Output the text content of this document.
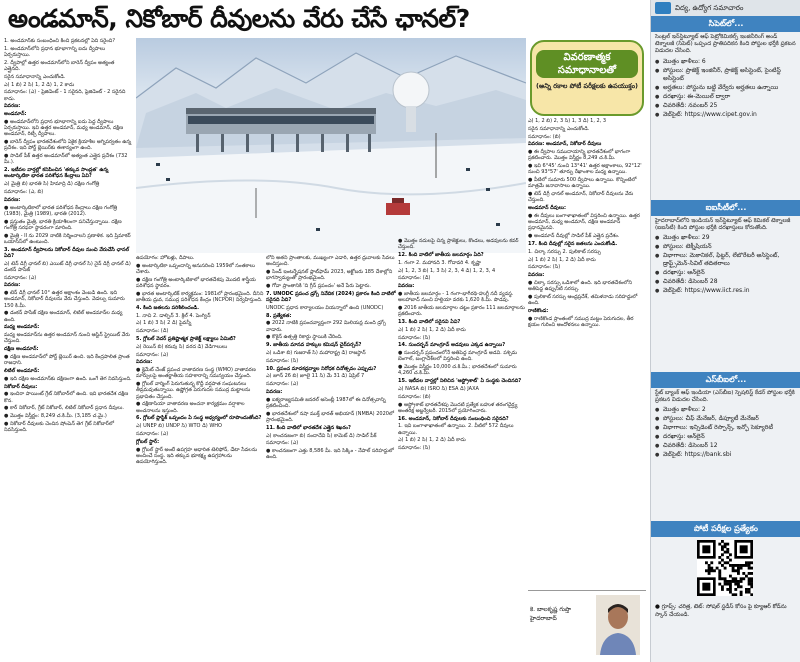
అండమాన్, నికోబార్ దీవులను వేరు చేసే ఛానల్?

1. అండమాన్‌కు సంబంధించి కింది ప్రకటనల్లో ఏది సరైంది?

1. అండమాన్‌లోని ప్రధాన భూభాగాన్ని ఐదు ద్వీపాలు ఏర్పరుస్తాయి.

2. ద్వీపాల్లో ఉత్తర అండమాన్‌లోని బారెన్ ద్వీపం అత్యంత ఎత్తైనది.

సరైన సమాధానాన్ని ఎంచుకోండి.

ఎ) 1 బి) 2 సి) 1, 2 డి) 1, 2 కాదు

సమాధానం: (ఎ) - ఫ్రెజిడెంట్ - 1 సరైనది, ఫ్రెజిడెంట్ - 2 సరైనది కాదు.

వివరణ:

అండమాన్:

● అండమాన్‌లోని ప్రధాన భూభాగాన్ని ఐదు పెద్ద ద్వీపాలు ఏర్పరుస్తాయి. ఇవి ఉత్తర అండమాన్, మధ్య అండమాన్, దక్షిణ అండమాన్, రిట్చీ ద్వీపాలు.

● బారెన్ ద్వీపం భారతదేశంలోని ఏకైక క్రియాశీల అగ్నిపర్వతం ఉన్న ప్రదేశం. ఇది పోర్ట్ బ్లెయిర్‌కు ఈశాన్యంగా ఉంది.

● సాడిల్ పీక్ ఉత్తర అండమాన్‌లో అత్యంత ఎత్తైన ప్రదేశం (732 మీ.).

2. ఇటీవల వార్తల్లో కనిపించిన 'తక్కువ సాంద్రత' ఉన్న అంటార్కిటికా భారత పరిశోధన కేంద్రాలు ఏవి?

ఎ) మైత్రి బి) భారతి సి) హిమాద్రి డి) దక్షిణ గంగోత్రి

సమాధానం: (ఎ, బి)

వివరణ:

● అంటార్కిటికాలో భారత పరిశోధన కేంద్రాలు దక్షిణ గంగోత్రి (1983), మైత్రి (1989), భారతి (2012).

● ప్రస్తుతం మైత్రి, భారతి క్రియాశీలంగా పనిచేస్తున్నాయి. దక్షిణ గంగోత్రి సరఫరా స్థావరంగా మారింది.

● మైత్రి - II ను 2029 నాటికి నిర్మించాలని ప్రణాళిక. ఇది ష్రిమాకర్ ఒయాసిస్‌లో ఉంటుంది.

3. అండమాన్ ద్వీపాలను నికోబార్ దీవుల నుంచి వేరుచేసే ఛానల్ ఏది?

ఎ) టెన్ డిగ్రీ ఛానల్ బి) ఎయిట్ డిగ్రీ ఛానల్ సి) నైన్ డిగ్రీ ఛానల్ డి) డంకన్ పాసేజ్

సమాధానం: (ఎ)

వివరణ:

● టెన్ డిగ్రీ ఛానల్ 10° ఉత్తర అక్షాంశం వెంబడి ఉంది. ఇది అండమాన్, నికోబార్ దీవులను వేరు చేస్తుంది. వెడల్పు సుమారు 150 కి.మీ.

● డంకన్ పాసేజ్ దక్షిణ అండమాన్, లిటిల్ అండమాన్‌ల మధ్య ఉంది.

మధ్య అండమాన్:

మధ్య అండమాన్‌ను ఉత్తర అండమాన్ నుంచి ఆస్టిన్ స్ట్రెయిట్ వేరు చేస్తుంది.

దక్షిణ అండమాన్:

● దక్షిణ అండమాన్‌లో పోర్ట్ బ్లెయిర్ ఉంది. ఇది కేంద్రపాలిత ప్రాంత రాజధాని.

లిటిల్ అండమాన్:

● ఇది దక్షిణ అండమాన్‌కు దక్షిణంగా ఉంది. ఒంగే తెగ నివసిస్తుంది.

నికోబార్ దీవులు:

● ఇందిరా పాయింట్ గ్రేట్ నికోబార్‌లో ఉంది. ఇది భారతదేశ దక్షిణ కొన.

● కార్ నికోబార్, గ్రేట్ నికోబార్, లిటిల్ నికోబార్ ప్రధాన దీవులు.

● మొత్తం విస్తీర్ణం: 8,249 చ.కి.మీ. (3,185 చ.మై.)

● నికోబార్ దీవులకు చెందిన షోంపెన్ తెగ గ్రేట్ నికోబార్‌లో నివసిస్తుంది.

వివరణాత్మక సమాధానాలతో
(అన్ని రకాల పోటీ పరీక్షలకు ఉపయుక్తం)

ఉపయోగం: హోటళ్లు, దీపాలు.

● అంటార్కిటికా ఒప్పందాన్ని అనుసరించి 1959లో సంతకాలు చేశారు.

● దక్షిణ గంగోత్రి అంటార్కిటికాలో భారతదేశపు మొదటి శాస్త్రీయ పరిశోధన స్థావరం.

● భారత అంటార్కిటిక్ కార్యక్రమం: 1981లో ప్రారంభమైంది. దీనిని జాతీయ ధ్రువ, సముద్ర పరిశోధన కేంద్రం (NCPOR) నిర్వహిస్తుంది.

4. కింది జతలను పరిశీలించండి.

1. నాచి 2. డాల్ఫిన్ 3. క్రిల్ 4. పెంగ్విన్

ఎ) 1 బి) 3 సి) 2 డి) పైవన్నీ

సమాధానం: (డి)

5. గ్లోబల్ వెదర్ ప్రతిష్టాత్మక ప్రాజెక్ట్ లక్ష్యాలు ఏమిటి?

ఎ) రెయిన్ బి) కరువు సి) వరద డి) వేడిగాలులు

సమాధానం: (ఎ)

వివరణ:

● క్లైమేట్ చేంజ్ ప్రపంచ వాతావరణ సంస్థ (WMO) వాతావరణ మార్పులపై అంతర్జాతీయ సహకారాన్ని సమన్వయం చేస్తుంది.

● గ్లోబల్ వార్మింగ్ పెరుగుతున్న కొద్దీ వర్షపాత సంఘటనలు తీవ్రమవుతున్నాయి. ఉష్ణోగ్రత పెరుగుదల సముద్ర మట్టాలను ప్రభావితం చేస్తుంది.

● దక్షిణాసియా వాతావరణ అంచనా కార్యక్రమం వర్షాకాల అంచనాలను ఇస్తుంది.

6. గ్లోబల్ ప్లాస్టిక్ ఒప్పందం ఏ సంస్థ ఆధ్వర్యంలో రూపొందుతోంది?

ఎ) UNEP బి) UNDP సి) WTO డి) WHO

సమాధానం: (ఎ)

గ్లోబల్ స్టార్:

● గ్లోబల్ స్టార్ అంటే ఉపగ్రహ ఆధారిత టెలిఫోన్, డేటా సేవలను అందించే సంస్థ. ఇది తక్కువ భూకక్ష్య ఉపగ్రహాలను ఉపయోగిస్తుంది.

లోని అతని ప్రాంతాలకు, ముఖ్యంగా ఎడారి, ఉత్తర ధ్రువాలకు సేవలు అందిస్తుంది.

● సిండ్ ఇంటర్నేషనల్ ప్లాట్‌ఫామ్ 2023, అక్టోబరు 185 దేశాల్లోని భాగస్వామ్యంతో ప్రారంభమైంది.

● గోవా ప్రాంతానికి 'ది గ్రీన్ ప్రపంచం' అనే పేరు పెట్టారు.

7. UNODC ప్రపంచ డ్రగ్స్ నివేదిక (2024) ప్రకారం కింది వాటిలో సరైనది ఏది?

UNODC ప్రధాన కార్యాలయం వియన్నాలో ఉంది (UNODC)

8. ప్రత్యేకత:

● 2022 నాటికి ప్రపంచవ్యాప్తంగా 292 మిలియన్ల మంది డ్రగ్స్ వాడారు.

● కొకైన్ ఉత్పత్తి రికార్డు స్థాయికి చేరింది.

9. జాతీయ మానవ హక్కుల కమిషన్ చైర్‌పర్సన్?

ఎ) ఒడిశా బి) గుజరాత్ సి) మహారాష్ట్ర డి) రాజస్థాన్

సమాధానం: (సి)

10. ప్రపంచ మాదకద్రవ్యాల నిరోధక దినోత్సవం ఎప్పుడు?

ఎ) జూన్ 26 బి) జూలై 11 సి) మే 31 డి) ఏప్రిల్ 7

సమాధానం: (ఎ)

వివరణ:

● ఐక్యరాజ్యసమితి జనరల్ అసెంబ్లీ 1987లో ఈ దినోత్సవాన్ని ప్రకటించింది.

● భారతదేశంలో నషా ముక్త్ భారత్ అభియాన్ (NMBA) 2020లో ప్రారంభమైంది.

11. కింది వాటిలో భారతదేశ ఎత్తైన శిఖరం?

ఎ) కాంచనజంగా బి) నందాదేవి సి) కామెట్ డి) సాడిల్ పీక్

సమాధానం: (ఎ)

● కాంచనజంగా ఎత్తు 8,586 మీ. ఇది సిక్కిం - నేపాల్ సరిహద్దులో ఉంది.

● మొత్తం నదులపై చిన్న ప్రాజెక్టులు, కొండలు, అడవులను కవర్ చేస్తుంది.

12. కింది వాటిలో జాతీయ జలమార్గం ఏది?

1. గంగా 2. మహానది 3. గోదావరి 4. కృష్ణా

ఎ) 1, 2, 3 బి) 1, 3 సి) 2, 3, 4 డి) 1, 2, 3, 4

సమాధానం: (డి)

వివరణ:

● జాతీయ జలమార్గం - 1 గంగా-భాగీరథి-హుగ్లీ నదీ వ్యవస్థ. అలహాబాద్ నుంచి హల్దియా వరకు 1,620 కి.మీ. పొడవు.

● 2016 జాతీయ జలమార్గాల చట్టం ప్రకారం 111 జలమార్గాలను ప్రకటించారు.

13. కింది వాటిలో సరైనవి ఏవి?

ఎ) 1 బి) 2 సి) 1, 2 డి) ఏదీ కాదు

సమాధానం: (సి)

14. సుందర్బన్ మాంగ్రూవ్ అడవులు ఎక్కడ ఉన్నాయి?

● సుందర్బన్ ప్రపంచంలోనే అతిపెద్ద మాంగ్రూవ్ అడవి. పశ్చిమ బెంగాల్, బంగ్లాదేశ్‌లలో విస్తరించి ఉంది.

● మొత్తం విస్తీర్ణం 10,000 చ.కి.మీ.; భారతదేశంలో సుమారు 4,260 చ.కి.మీ.

15. ఇటీవల వార్తల్లో నిలిచిన 'ఆస్ట్రోశాట్' ఏ సంస్థకు చెందినది?

ఎ) NASA బి) ISRO సి) ESA డి) JAXA

సమాధానం: (బి)

● ఆస్ట్రోశాట్ భారతదేశపు మొదటి ప్రత్యేక బహుళ తరంగదైర్ఘ్య అంతరిక్ష అబ్జర్వేటరీ. 2015లో ప్రయోగించారు.

16. అండమాన్, నికోబార్ దీవులకు సంబంధించి సరైనది?

1. ఇవి బంగాళాఖాతంలో ఉన్నాయి. 2. వీటిలో 572 దీవులు ఉన్నాయి.

ఎ) 1 బి) 2 సి) 1, 2 డి) ఏదీ కాదు

సమాధానం: (సి)

ఎ) 1, 2 బి) 2, 3 సి) 1, 3 డి) 1, 2, 3

సరైన సమాధానాన్ని ఎంచుకోండి.

సమాధానం: (బి)

వివరణ: అండమాన్, నికోబార్ దీవులు

● ఈ ద్వీపాల సముదాయాన్ని భారతదేశంలో భాగంగా ప్రకటించారు. మొత్తం విస్తీర్ణం 8,249 చ.కి.మీ.

● ఇవి 6°45' నుంచి 13°41' ఉత్తర అక్షాంశాలు, 92°12' నుంచి 93°57' తూర్పు రేఖాంశాల మధ్య ఉన్నాయి.

● వీటిలో సుమారు 500 ద్వీపాలు ఉన్నాయి. కొన్నింటిలో మాత్రమే జనావాసాలు ఉన్నాయి.

● టెన్ డిగ్రీ ఛానల్ అండమాన్, నికోబార్ దీవులను వేరు చేస్తుంది.

అండమాన్ దీవులు:

● ఈ దీవులు బంగాళాఖాతంలో విస్తరించి ఉన్నాయి. ఉత్తర అండమాన్, మధ్య అండమాన్, దక్షిణ అండమాన్ ప్రధానమైనవి.

● అండమాన్ దీవుల్లో సాడిల్ పీక్ ఎత్తైన ప్రదేశం.

17. కింది దీవుల్లో సరైన జతలను ఎంచుకోండి.

1. చిల్కా సరస్సు 2. పులికాట్ సరస్సు

ఎ) 1 బి) 2 సి) 1, 2 డి) ఏదీ కాదు

సమాధానం: (సి)

వివరణ:

● చిల్కా సరస్సు ఒడిశాలో ఉంది. ఇది భారతదేశంలోని అతిపెద్ద ఉప్పునీటి సరస్సు.

● పులికాట్ సరస్సు ఆంధ్రప్రదేశ్, తమిళనాడు సరిహద్దులో ఉంది.

రాణికొండ:

● రాణికొండ ప్రాంతంలో సముద్ర మట్టం పెరుగుదల, తీర క్షయం గురించి ఆందోళనలు ఉన్నాయి.

కె. బాలకృష్ణ గుప్తా
హైదరాబాద్
విద్య, ఉద్యోగ సమాచారం
సిపెట్‌లో...
సెంట్రల్ ఇన్‌స్టిట్యూట్ ఆఫ్ పెట్రోకెమికల్స్ ఇంజినీరింగ్ అండ్ టెక్నాలజీ (సిపెట్) ఒప్పంద ప్రాతిపదికన కింది పోస్టుల భర్తీకి ప్రకటన విడుదల చేసింది.
● మొత్తం ఖాళీలు: 6
● పోస్టులు: ప్రాజెక్ట్ ఇంజినీర్, ప్రాజెక్ట్ అసిస్టెంట్, సైంటిస్ట్ అసిస్టెంట్
● అర్హతలు: పోస్టును బట్టి వేర్వేరు అర్హతలు ఉన్నాయి
● దరఖాస్తు: ఈ-మెయిల్ ద్వారా
● చివరితేదీ: నవంబర్ 25
● వెబ్‌సైట్: https://www.cipet.gov.in
ఐఐసీటీలో...
హైదరాబాద్‌లోని ఇండియన్ ఇన్‌స్టిట్యూట్ ఆఫ్ కెమికల్ టెక్నాలజీ (ఐఐసీటీ) కింది పోస్టుల భర్తీకి దరఖాస్తులు కోరుతోంది.
● మొత్తం ఖాళీలు: 29
● పోస్టులు: టెక్నీషియన్
● విభాగాలు: మెకానికల్, ఫిట్టర్, లేబొరేటరీ అసిస్టెంట్, డ్రాఫ్ట్స్‌మెన్-సివిల్ తదితరాలు
● దరఖాస్తు: ఆన్‌లైన్
● చివరితేదీ: డిసెంబర్ 28
● వెబ్‌సైట్: https://www.iict.res.in
ఎస్‌బీఐలో...
స్టేట్ బ్యాంక్ ఆఫ్ ఇండియా (ఎస్‌బీఐ) స్పెషలిస్ట్ కేడర్ పోస్టుల భర్తీకి ప్రకటన విడుదల చేసింది.
● మొత్తం ఖాళీలు: 2
● పోస్టులు: చీఫ్ మేనేజర్, డిప్యూటీ మేనేజర్
● విభాగాలు: ఇన్సిడెంట్ రెస్పాన్స్, ఇన్ఫో సెక్యూరిటీ
● దరఖాస్తు: ఆన్‌లైన్
● చివరితేదీ: డిసెంబర్ 12
● వెబ్‌సైట్: https://bank.sbi
పోటీ పరీక్షల ప్రత్యేకం
● గ్రూప్స్: చరిత్ర, టెట్: సోషల్ స్టడీస్ కోసం పై క్యూఆర్ కోడ్‌ను స్కాన్ చేయండి.
